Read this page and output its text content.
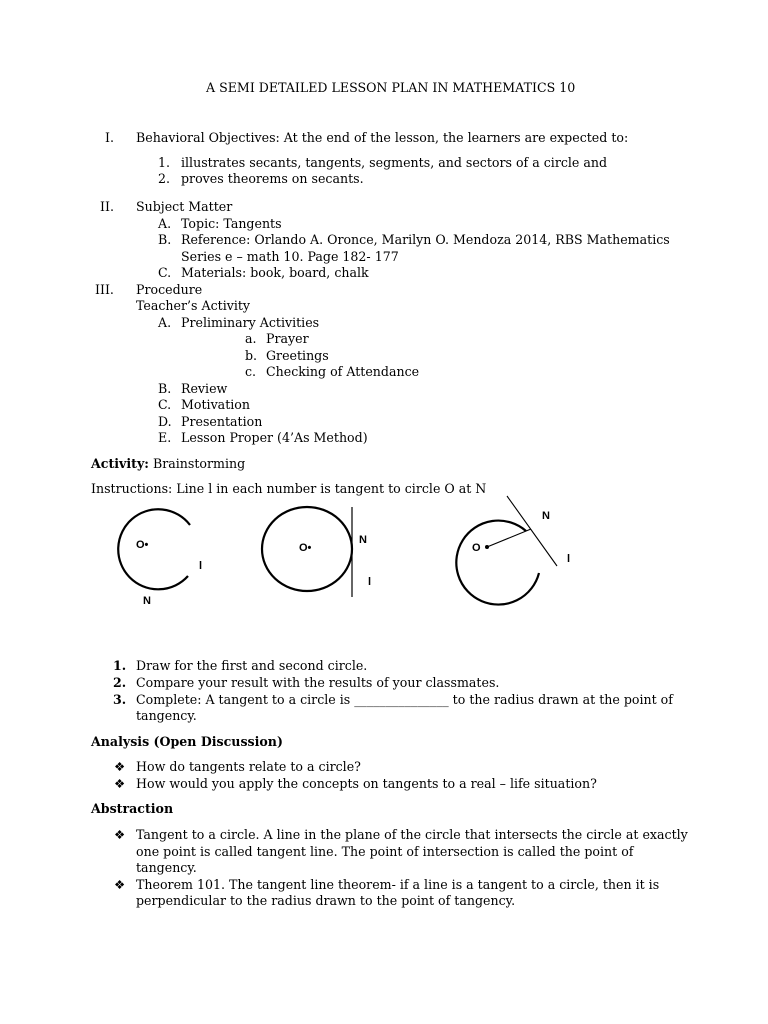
A SEMI DETAILED LESSON PLAN IN MATHEMATICS 10
I. Behavioral Objectives: At the end of the lesson, the learners are expected to:
1. illustrates secants, tangents, segments, and sectors of a circle and
2. proves theorems on secants.
II. Subject Matter
A. Topic: Tangents
B. Reference: Orlando A. Oronce, Marilyn O. Mendoza 2014, RBS Mathematics
Series e – math 10. Page 182- 177
C. Materials: book, board, chalk
III. Procedure
Teacher’s Activity
A. Preliminary Activities
a. Prayer
b. Greetings
c. Checking of Attendance
B. Review
C. Motivation
D. Presentation
E. Lesson Proper (4’As Method)
Activity: Brainstorming
Instructions: Line l in each number is tangent to circle O at N
O•
l
N
O•
N
l
O
N
l
1. Draw for the first and second circle.
2. Compare your result with the results of your classmates.
3. Complete: A tangent to a circle is _______________ to the radius drawn at the point of
tangency.
Analysis (Open Discussion)
❖ How do tangents relate to a circle?
❖ How would you apply the concepts on tangents to a real – life situation?
Abstraction
❖ Tangent to a circle. A line in the plane of the circle that intersects the circle at exactly
one point is called tangent line. The point of intersection is called the point of
tangency.
❖ Theorem 101. The tangent line theorem- if a line is a tangent to a circle, then it is
perpendicular to the radius drawn to the point of tangency.
